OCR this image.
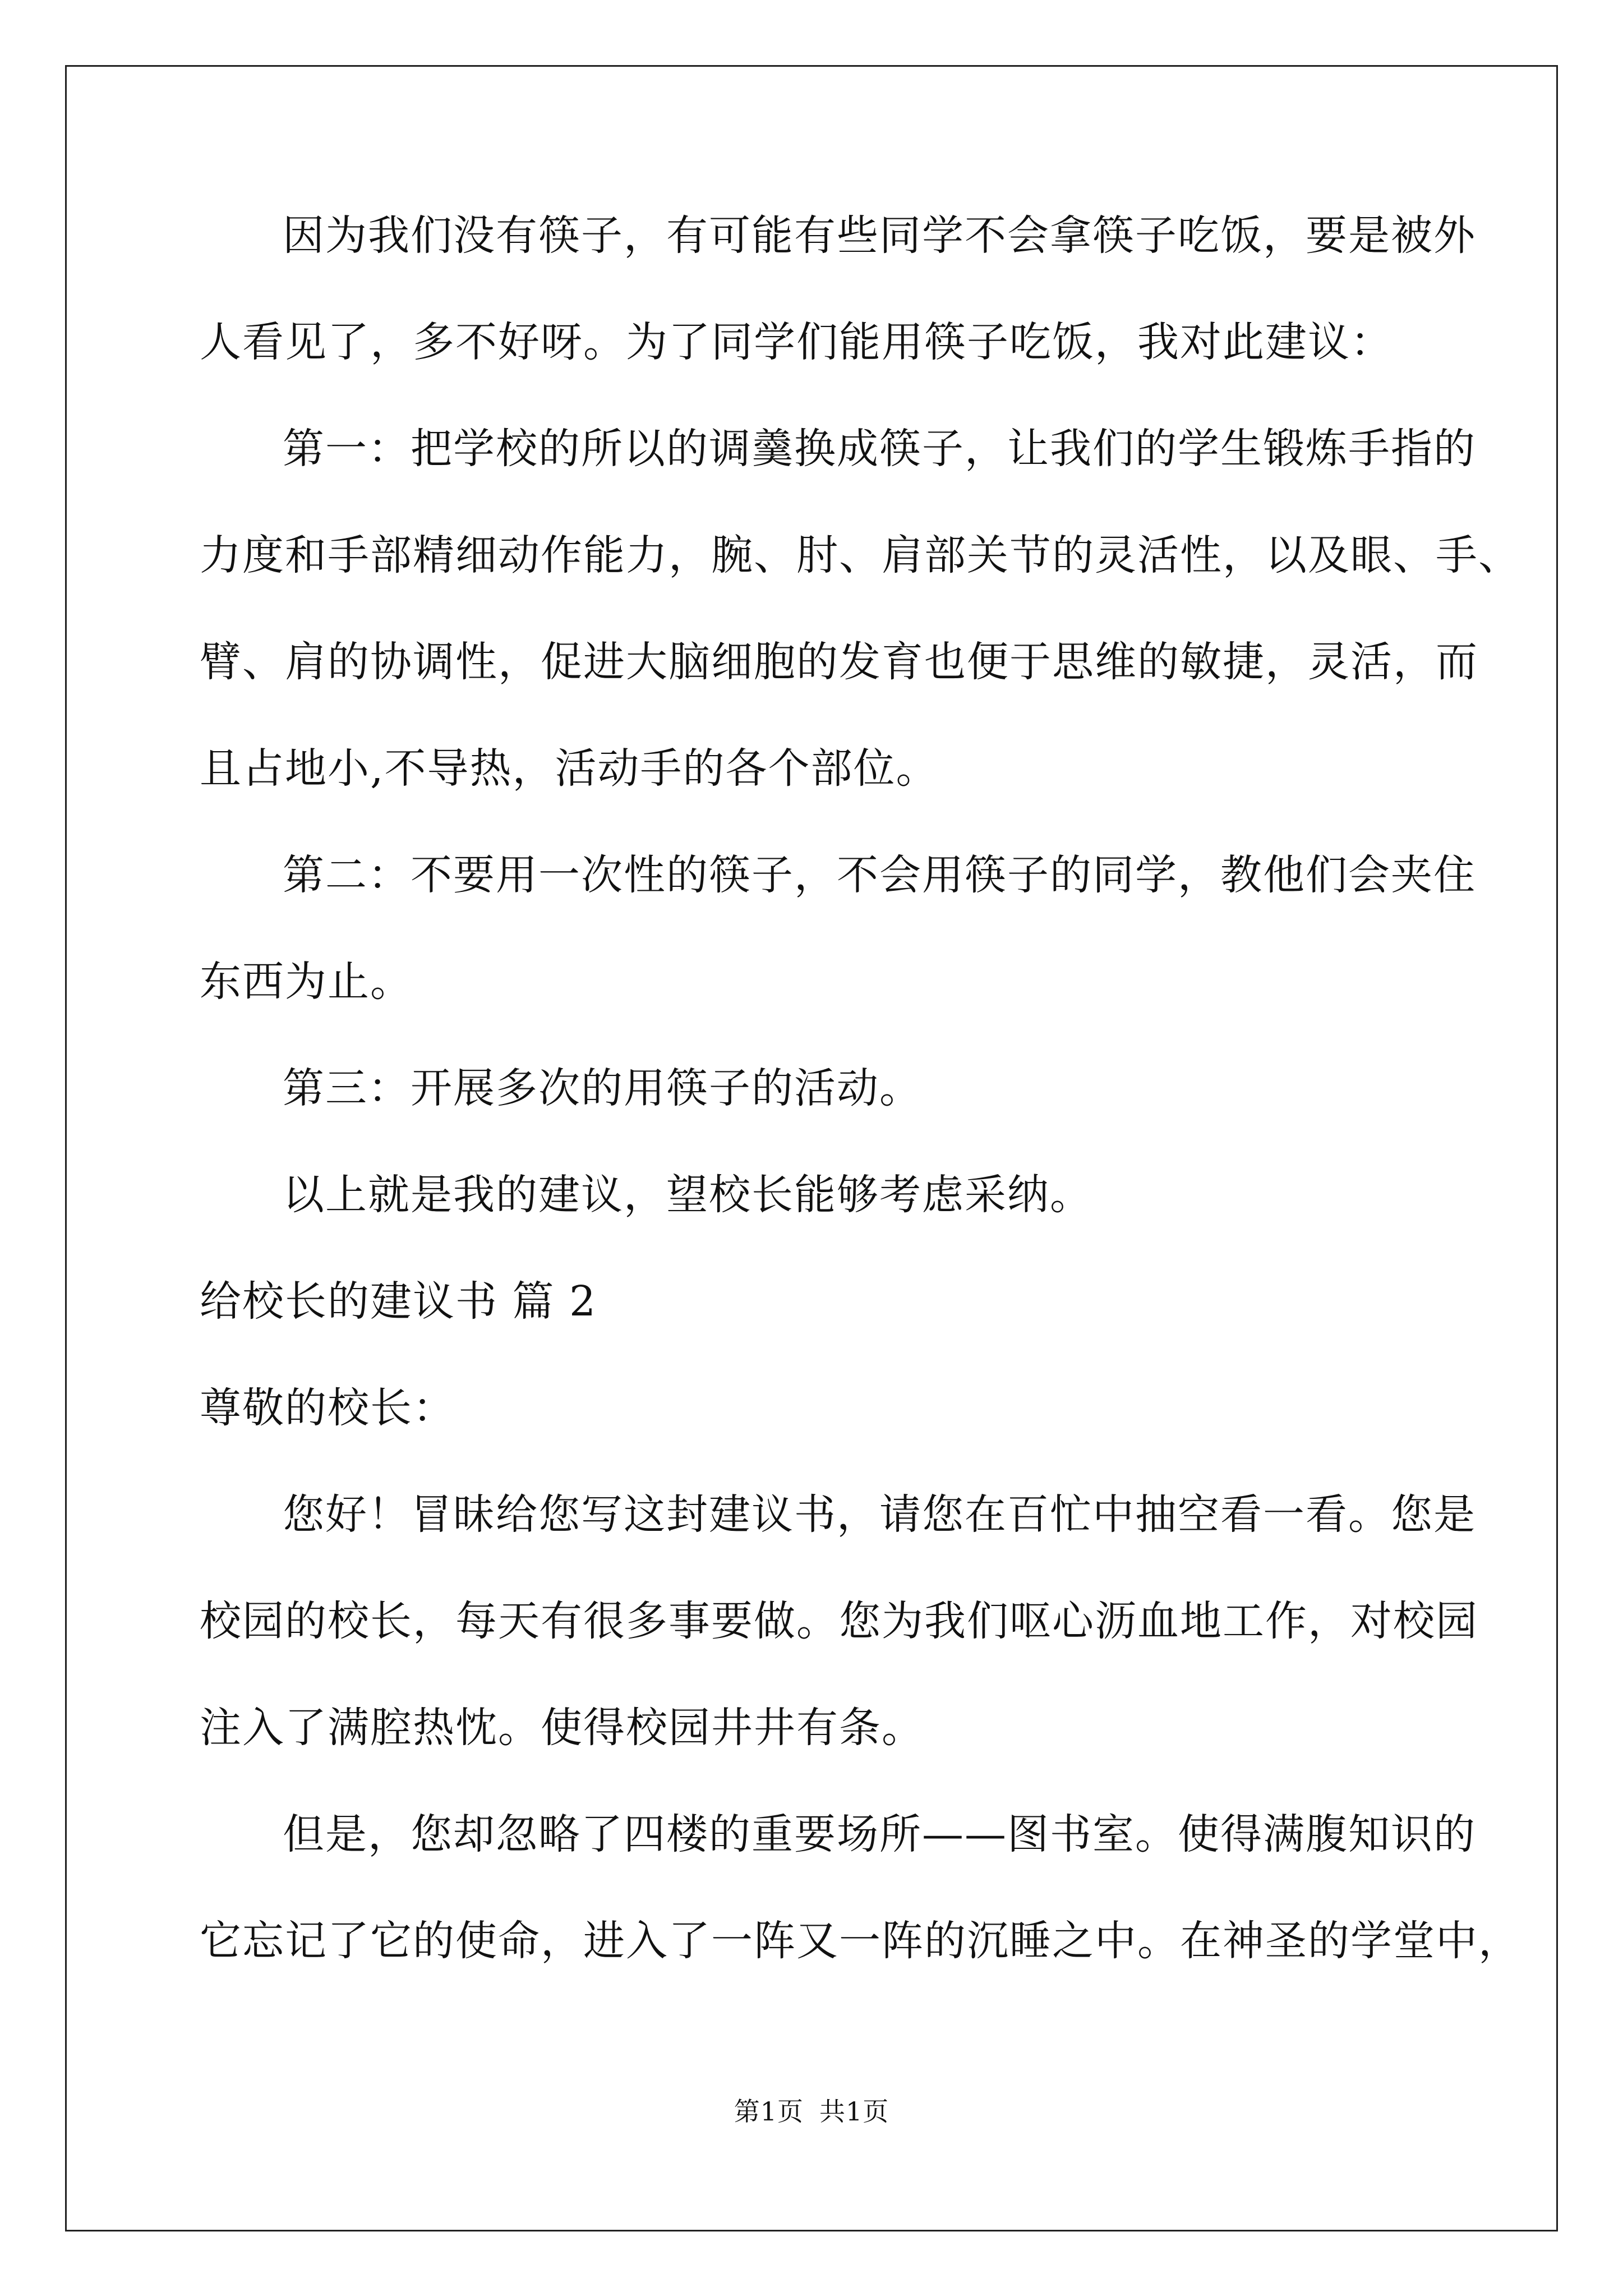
因为我们没有筷子，有可能有些同学不会拿筷子吃饭，要是被外
人看见了，多不好呀。为了同学们能用筷子吃饭，我对此建议：
第一：把学校的所以的调羹换成筷子，让我们的学生锻炼手指的
力度和手部精细动作能力，腕、肘、肩部关节的灵活性，以及眼、手、
臂、肩的协调性，促进大脑细胞的发育也便于思维的敏捷，灵活，而
且占地小,不导热，活动手的各个部位。
第二：不要用一次性的筷子，不会用筷子的同学，教他们会夹住
东西为止。
第三：开展多次的用筷子的活动。
以上就是我的建议，望校长能够考虑采纳。
给校长的建议书 篇 2
尊敬的校长：
您好！冒昧给您写这封建议书，请您在百忙中抽空看一看。您是
校园的校长，每天有很多事要做。您为我们呕心沥血地工作，对校园
注入了满腔热忱。使得校园井井有条。
但是，您却忽略了四楼的重要场所——图书室。使得满腹知识的
它忘记了它的使命，进入了一阵又一阵的沉睡之中。在神圣的学堂中，
第1页 共1页
